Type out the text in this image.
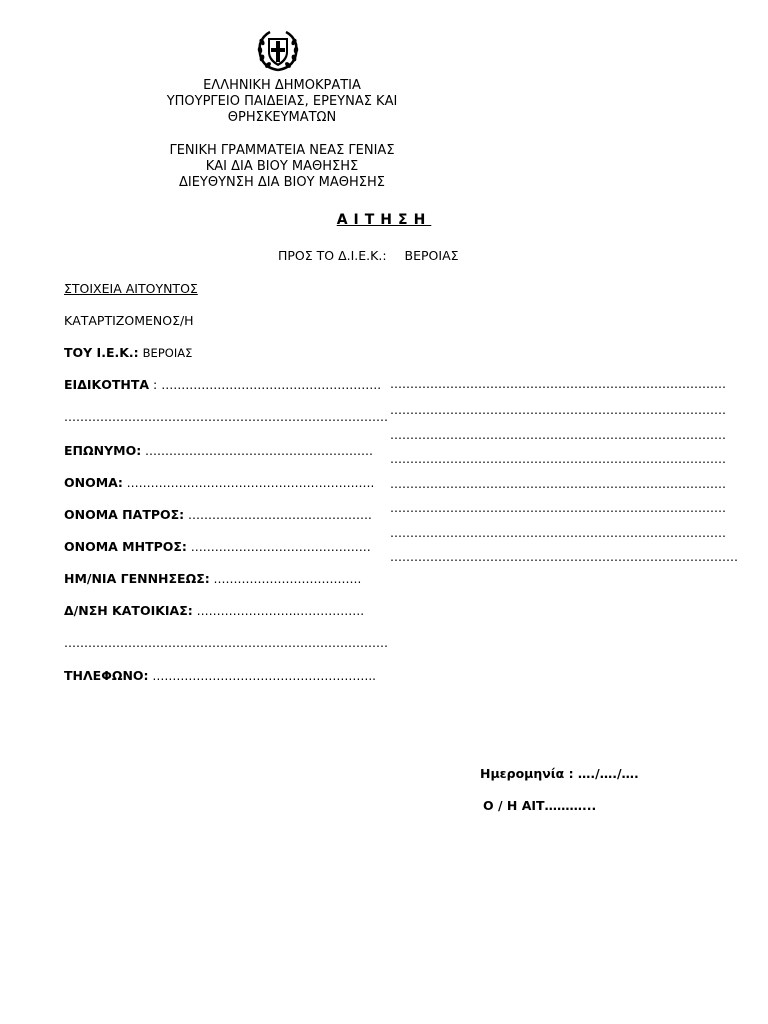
ΕΛΛΗΝΙΚΗ ΔΗΜΟΚΡΑΤΙΑ
ΥΠΟΥΡΓΕΙΟ ΠΑΙΔΕΙΑΣ, ΕΡΕΥΝΑΣ ΚΑΙ
ΘΡΗΣΚΕΥΜΑΤΩΝ
ΓΕΝΙΚΗ ΓΡΑΜΜΑΤΕΙΑ ΝΕΑΣ ΓΕΝΙΑΣ
ΚΑΙ ΔΙΑ ΒΙΟΥ ΜΑΘΗΣΗΣ
ΔΙΕΥΘΥΝΣΗ ΔΙΑ ΒΙΟΥ ΜΑΘΗΣΗΣ
ΑΙΤΗΣΗ
ΠΡΟΣ ΤΟ Δ.Ι.Ε.Κ.: ΒΕΡΟΙΑΣ
ΣΤΟΙΧΕΙΑ ΑΙΤΟΥΝΤΟΣ
ΚΑΤΑΡΤΙΖΟΜΕΝΟΣ/Η
ΤΟΥ Ι.Ε.Κ.: ΒΕΡΟΙΑΣ
ΕΙΔΙΚΟΤΗΤΑ : ……………………………………………….
………………………………………………………………………
ΕΠΩΝΥΜΟ: …………………………………………………
ΟΝΟΜΑ: ………………………………………………….….
ΟΝΟΜΑ ΠΑΤΡΟΣ: ……………………………………….
ΟΝΟΜΑ ΜΗΤΡΟΣ: ………………………………………
ΗΜ/ΝΙΑ ΓΕΝΝΗΣΕΩΣ: ……………………………….
Δ/ΝΣΗ ΚΑΤΟΙΚΙΑΣ: ……………………..…………….
………………………………………………………………………
ΤΗΛΕΦΩΝΟ: ………………………………………………..
…………………………………………………………………………
…………………………………………………………………………
…………………………………………………………………………
…………………………………………………………………………
…………………………………………………………………………
…………………………………………………………………………
…………………………………………………………………………
……………………………………………………………………………
Ημερομηνία : …./…./….
Ο / Η ΑΙΤ………...
